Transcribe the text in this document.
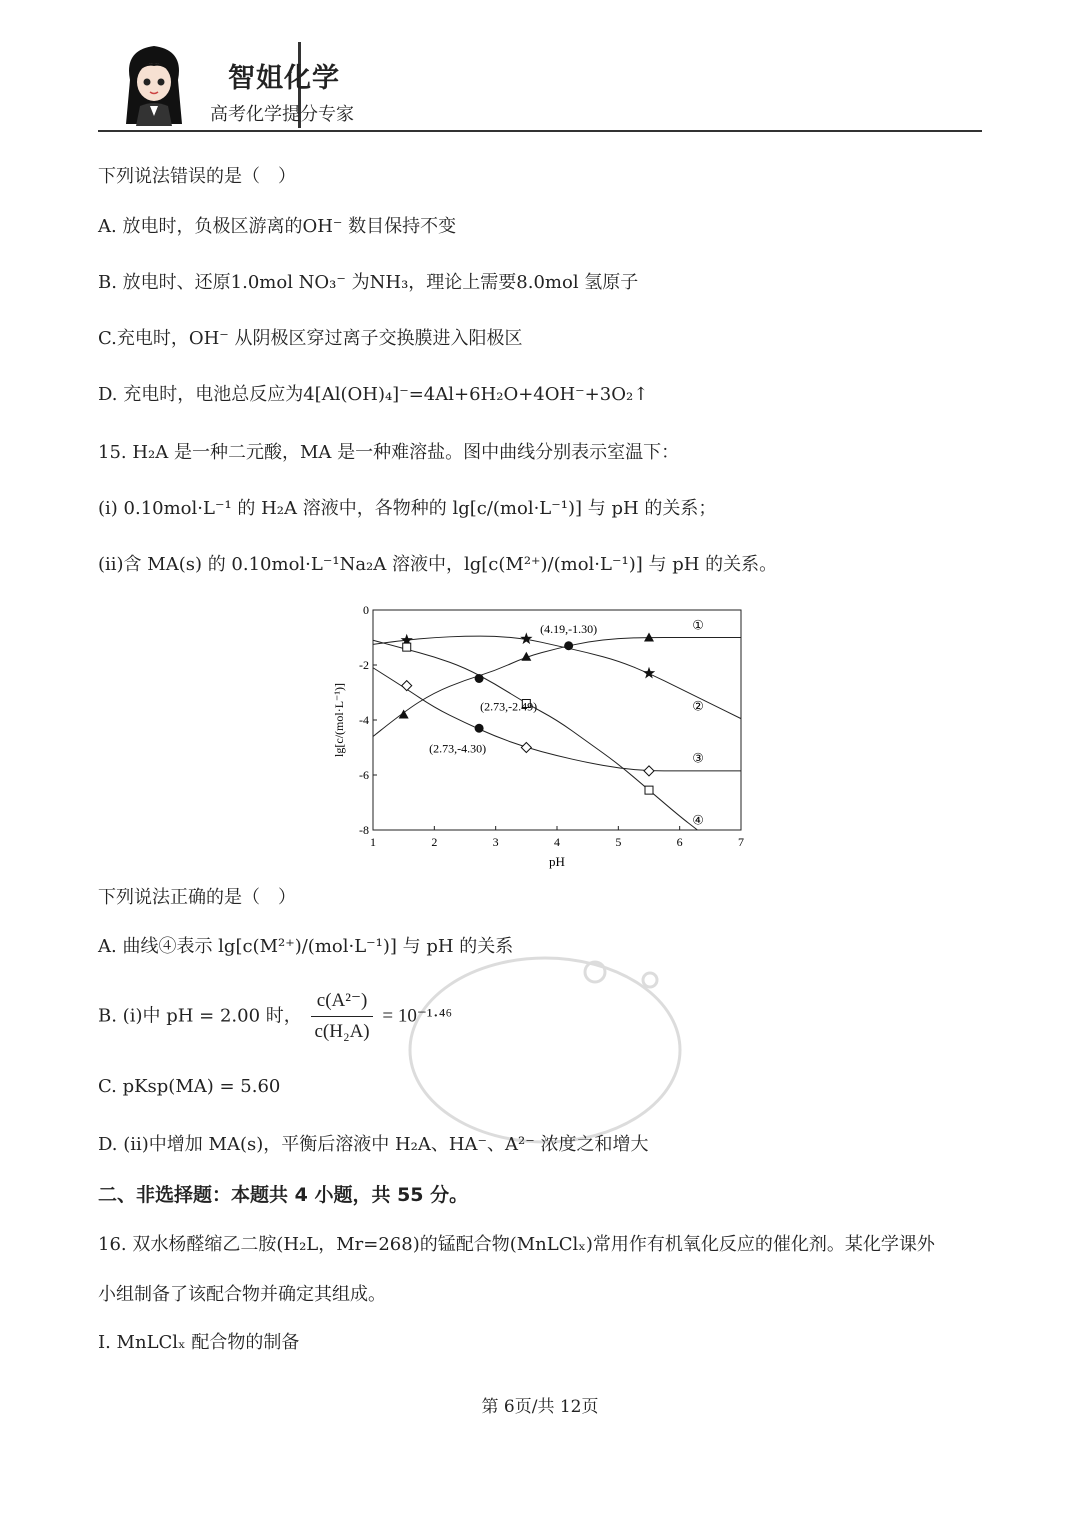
智姐化学
高考化学提分专家
下列说法错误的是（　）
A. 放电时，负极区游离的OH⁻ 数目保持不变
B. 放电时、还原1.0mol NO₃⁻ 为NH₃，理论上需要8.0mol 氢原子
C.充电时，OH⁻ 从阴极区穿过离子交换膜进入阳极区
D. 充电时，电池总反应为4[Al(OH)₄]⁻=4Al+6H₂O+4OH⁻+3O₂↑
15. H₂A 是一种二元酸，MA 是一种难溶盐。图中曲线分别表示室温下：
(i) 0.10mol·L⁻¹ 的 H₂A 溶液中，各物种的 lg[c/(mol·L⁻¹)] 与 pH 的关系；
(ii)含 MA(s) 的 0.10mol·L⁻¹Na₂A 溶液中，lg[c(M²⁺)/(mol·L⁻¹)] 与 pH 的关系。
1	2	3	4	5	6	7
0
-2
-4
-6
-8
①
②
③
④
(4.19,-1.30)
(2.73,-2.49)
(2.73,-4.30)
pH
lg[c/(mol·L⁻¹)]
下列说法正确的是（　）
A. 曲线④表示 lg[c(M²⁺)/(mol·L⁻¹)] 与 pH 的关系
B. (i)中 pH = 2.00 时， $\frac{\text{c(A²⁻)}}{\text{c(H₂A)}} = 10^{-1}\cdot^{46}$
C. pKsp(MA) = 5.60
D. (ii)中增加 MA(s)，平衡后溶液中 H₂A、HA⁻、A²⁻ 浓度之和增大
二、非选择题：本题共 4 小题，共 55 分。
16. 双水杨醛缩乙二胺(H₂L，Mr=268)的锰配合物(MnLClₓ)常用作有机氧化反应的催化剂。某化学课外
小组制备了该配合物并确定其组成。
I. MnLClₓ 配合物的制备
第 6页/共 12页
